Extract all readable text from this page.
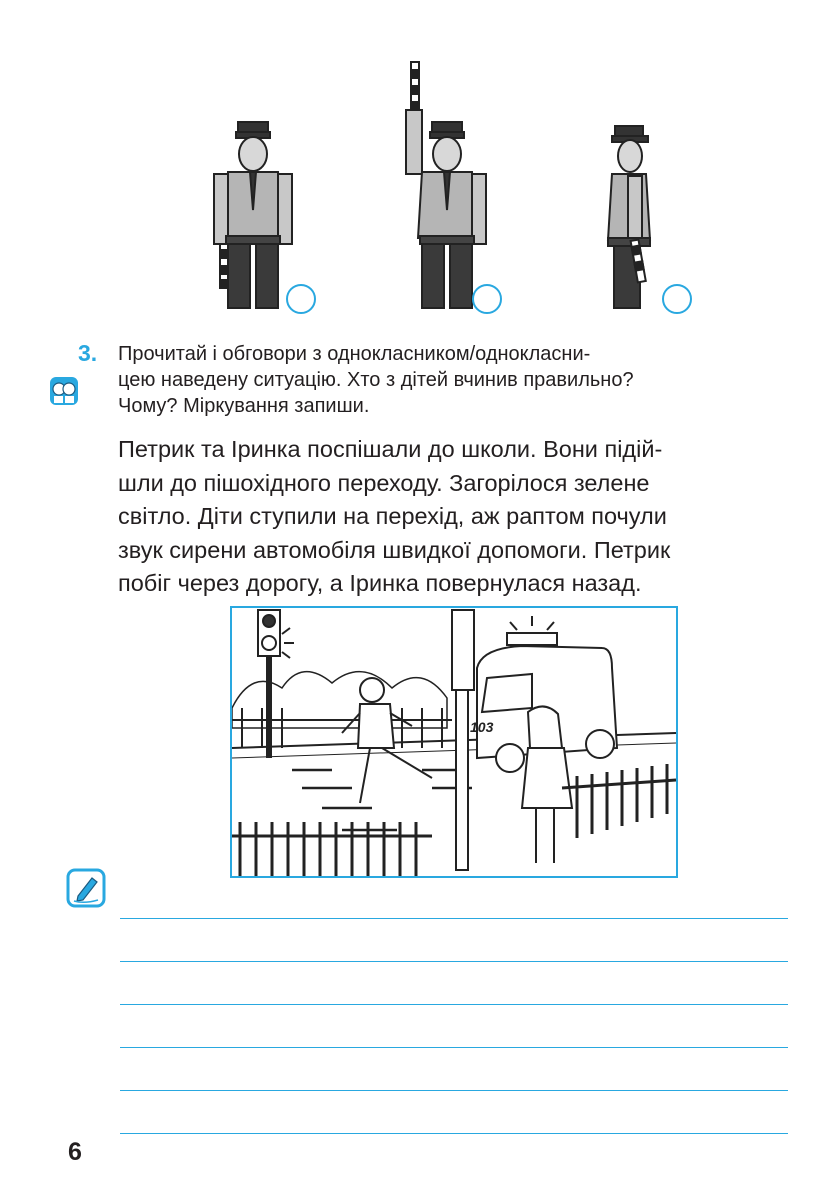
3. Прочитай і обговори з однокласником/однокласни-
цею наведену ситуацію. Хто з дітей вчинив правильно?
Чому? Міркування запиши.
Петрик та Іринка поспішали до школи. Вони підій-
шли до пішохідного переходу. Загорілося зелене
світло. Діти ступили на перехід, аж раптом почули
звук сирени автомобіля швидкої допомоги. Петрик
побіг через дорогу, а Іринка повернулася назад.
103
6
